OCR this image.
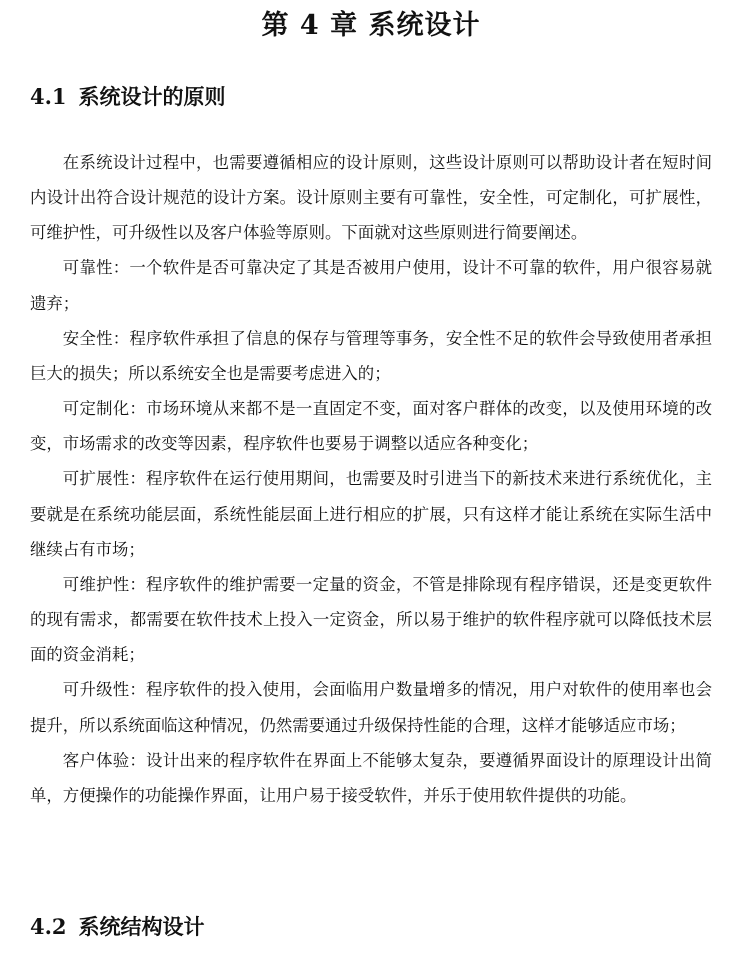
第 4 章 系统设计
4.1 系统设计的原则

在系统设计过程中，也需要遵循相应的设计原则，这些设计原则可以帮助设计者在短时间内设计出符合设计规范的设计方案。设计原则主要有可靠性，安全性，可定制化，可扩展性，可维护性，可升级性以及客户体验等原则。下面就对这些原则进行简要阐述。

可靠性：一个软件是否可靠决定了其是否被用户使用，设计不可靠的软件，用户很容易就遗弃；

安全性：程序软件承担了信息的保存与管理等事务，安全性不足的软件会导致使用者承担巨大的损失；所以系统安全也是需要考虑进入的；

可定制化：市场环境从来都不是一直固定不变，面对客户群体的改变，以及使用环境的改变，市场需求的改变等因素，程序软件也要易于调整以适应各种变化；

可扩展性：程序软件在运行使用期间，也需要及时引进当下的新技术来进行系统优化，主要就是在系统功能层面，系统性能层面上进行相应的扩展，只有这样才能让系统在实际生活中继续占有市场；

可维护性：程序软件的维护需要一定量的资金，不管是排除现有程序错误，还是变更软件的现有需求，都需要在软件技术上投入一定资金，所以易于维护的软件程序就可以降低技术层面的资金消耗；

可升级性：程序软件的投入使用，会面临用户数量增多的情况，用户对软件的使用率也会提升，所以系统面临这种情况，仍然需要通过升级保持性能的合理，这样才能够适应市场；

客户体验：设计出来的程序软件在界面上不能够太复杂，要遵循界面设计的原理设计出简单，方便操作的功能操作界面，让用户易于接受软件，并乐于使用软件提供的功能。

4.2 系统结构设计
